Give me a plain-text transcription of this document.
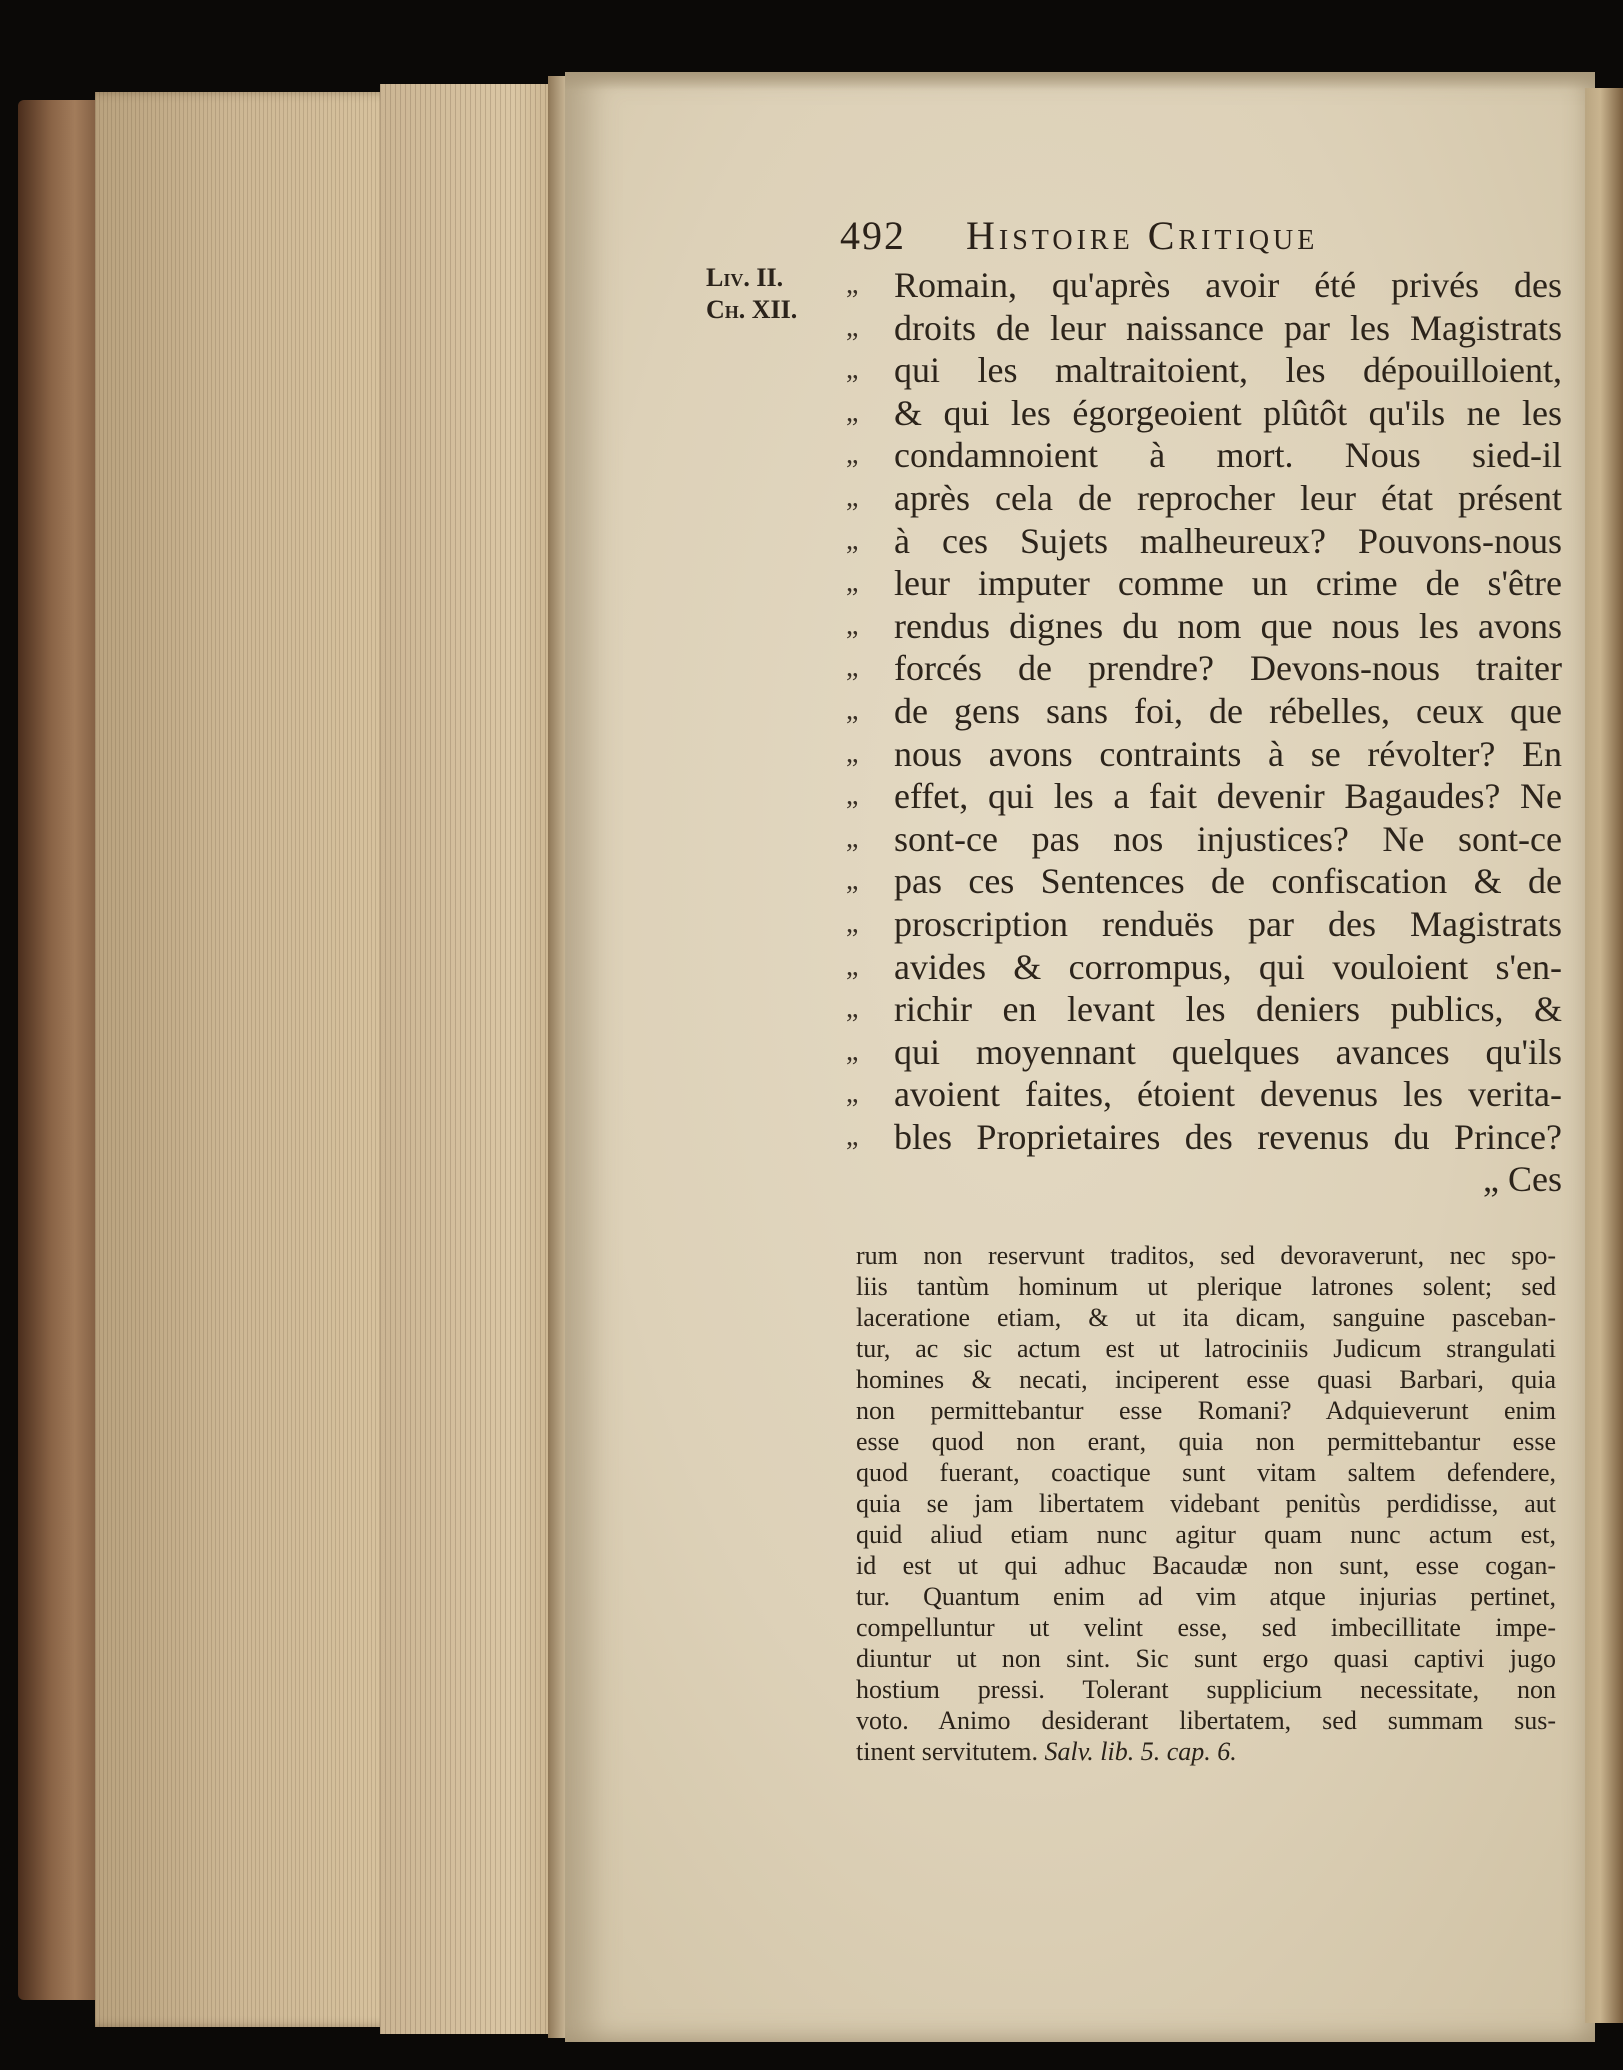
492 Histoire Critique
Liv. II.
Ch. XII.
„ Romain, qu'après avoir été privés des
„ droits de leur naissance par les Magistrats
„ qui les maltraitoient, les dépouilloient,
„ & qui les égorgeoient plûtôt qu'ils ne les
„ condamnoient à mort. Nous sied-il
„ après cela de reprocher leur état présent
„ à ces Sujets malheureux? Pouvons-nous
„ leur imputer comme un crime de s'être
„ rendus dignes du nom que nous les avons
„ forcés de prendre? Devons-nous traiter
„ de gens sans foi, de rébelles, ceux que
„ nous avons contraints à se révolter? En
„ effet, qui les a fait devenir Bagaudes? Ne
„ sont-ce pas nos injustices? Ne sont-ce
„ pas ces Sentences de confiscation & de
„ proscription renduës par des Magistrats
„ avides & corrompus, qui vouloient s'en-
„ richir en levant les deniers publics, &
„ qui moyennant quelques avances qu'ils
„ avoient faites, étoient devenus les verita-
„ bles Proprietaires des revenus du Prince?
„ Ces
rum non reservunt traditos, sed devoraverunt, nec spo-
liis tantùm hominum ut plerique latrones solent; sed
laceratione etiam, & ut ita dicam, sanguine pasceban-
tur, ac sic actum est ut latrociniis Judicum strangulati
homines & necati, inciperent esse quasi Barbari, quia
non permittebantur esse Romani? Adquieverunt enim
esse quod non erant, quia non permittebantur esse
quod fuerant, coactique sunt vitam saltem defendere,
quia se jam libertatem videbant penitùs perdidisse, aut
quid aliud etiam nunc agitur quam nunc actum est,
id est ut qui adhuc Bacaudæ non sunt, esse cogan-
tur. Quantum enim ad vim atque injurias pertinet,
compelluntur ut velint esse, sed imbecillitate impe-
diuntur ut non sint. Sic sunt ergo quasi captivi jugo
hostium pressi. Tolerant supplicium necessitate, non
voto. Animo desiderant libertatem, sed summam sus-
tinent servitutem. Salv. lib. 5. cap. 6.
